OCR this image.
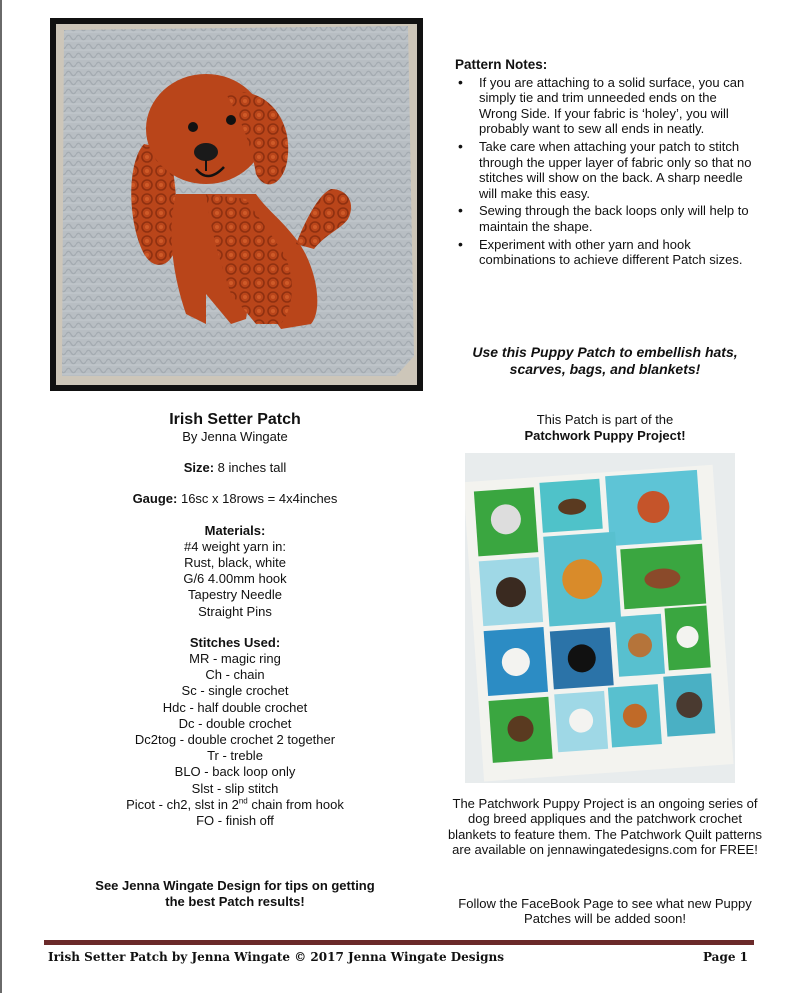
Pattern Notes:
• If you are attaching to a solid surface, you can simply tie and trim unneeded ends on the Wrong Side. If your fabric is ‘holey’, you will probably want to sew all ends in neatly.
• Take care when attaching your patch to stitch through the upper layer of fabric only so that no stitches will show on the back. A sharp needle will make this easy.
• Sewing through the back loops only will help to maintain the shape.
• Experiment with other yarn and hook combinations to achieve different Patch sizes.
Use this Puppy Patch to embellish hats, scarves, bags, and blankets!

Irish Setter Patch

By Jenna Wingate

Size: 8 inches tall

Gauge: 16sc x 18rows = 4x4inches

Materials:

#4 weight yarn in:

Rust, black, white

G/6 4.00mm hook

Tapestry Needle

Straight Pins

Stitches Used:

MR - magic ring

Ch - chain

Sc - single crochet

Hdc - half double crochet

Dc - double crochet

Dc2tog - double crochet 2 together

Tr - treble

BLO - back loop only

Slst - slip stitch

Picot - ch2, slst in 2nd chain from hook

FO - finish off

See Jenna Wingate Design for tips on getting the best Patch results!
This Patch is part of the
Patchwork Puppy Project!
The Patchwork Puppy Project is an ongoing series of dog breed appliques and the patchwork crochet blankets to feature them. The Patchwork Quilt patterns are available on jennawingatedesigns.com for FREE!
Follow the FaceBook Page to see what new Puppy Patches will be added soon!
Irish Setter Patch by Jenna Wingate © 2017 Jenna Wingate Designs	Page 1
